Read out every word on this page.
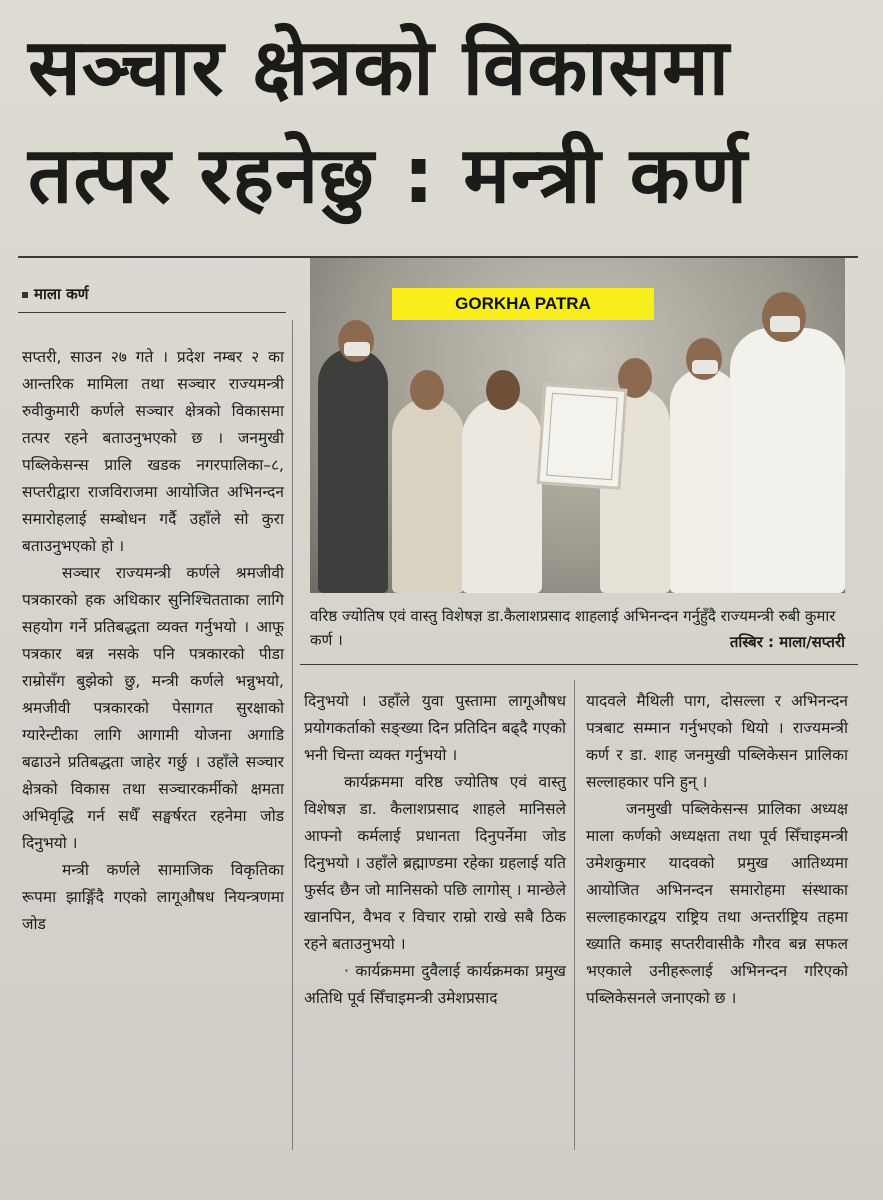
सञ्चार क्षेत्रको विकासमा
तत्पर रहनेछु : मन्त्री कर्ण
माला कर्ण

सप्तरी, साउन २७ गते । प्रदेश नम्बर २ का आन्तरिक मामिला तथा सञ्चार राज्यमन्त्री रुवीकुमारी कर्णले सञ्चार क्षेत्रको विकासमा तत्पर रहने बताउनुभएको छ । जनमुखी पब्लिकेसन्स प्रालि खडक नगरपालिका–८, सप्तरीद्वारा राजविराजमा आयोजित अभिनन्दन समारोहलाई सम्बोधन गर्दै उहाँले सो कुरा बताउनुभएको हो ।

सञ्चार राज्यमन्त्री कर्णले श्रमजीवी पत्रकारको हक अधिकार सुनिश्चितताका लागि सहयोग गर्ने प्रतिबद्धता व्यक्त गर्नुभयो । आफू पत्रकार बन्न नसके पनि पत्रकारको पीडा राम्रोसँग बुझेको छु, मन्त्री कर्णले भन्नुभयो, श्रमजीवी पत्रकारको पेसागत सुरक्षाको ग्यारेन्टीका लागि आगामी योजना अगाडि बढाउने प्रतिबद्धता जाहेर गर्छु । उहाँले सञ्चार क्षेत्रको विकास तथा सञ्चारकर्मीको क्षमता अभिवृद्धि गर्न सधैँ सङ्घर्षरत रहनेमा जोड दिनुभयो ।

मन्त्री कर्णले सामाजिक विकृतिका रूपमा झाङ्गिँदै गएको लागूऔषध नियन्त्रणमा जोड

GORKHA PATRA
वरिष्ठ ज्योतिष एवं वास्तु विशेषज्ञ डा.कैलाशप्रसाद शाहलाई अभिनन्दन गर्नुहुँदै राज्यमन्त्री रुबी कुमार कर्ण ।	तस्बिर : माला/सप्तरी

दिनुभयो । उहाँले युवा पुस्तामा लागूऔषध प्रयोगकर्ताको सङ्ख्या दिन प्रतिदिन बढ्दै गएको भनी चिन्ता व्यक्त गर्नुभयो ।

कार्यक्रममा वरिष्ठ ज्योतिष एवं वास्तु विशेषज्ञ डा. कैलाशप्रसाद शाहले मानिसले आफ्नो कर्मलाई प्रधानता दिनुपर्नेमा जोड दिनुभयो । उहाँले ब्रह्माण्डमा रहेका ग्रहलाई यति फुर्सद छैन जो मानिसको पछि लागोस् । मान्छेले खानपिन, वैभव र विचार राम्रो राखे सबै ठिक रहने बताउनुभयो ।

· कार्यक्रममा दुवैलाई कार्यक्रमका प्रमुख अतिथि पूर्व सिँचाइमन्त्री उमेशप्रसाद

यादवले मैथिली पाग, दोसल्ला र अभिनन्दन पत्रबाट सम्मान गर्नुभएको थियो । राज्यमन्त्री कर्ण र डा. शाह जनमुखी पब्लिकेसन प्रालिका सल्लाहकार पनि हुन् ।

जनमुखी पब्लिकेसन्स प्रालिका अध्यक्ष माला कर्णको अध्यक्षता तथा पूर्व सिँचाइमन्त्री उमेशकुमार यादवको प्रमुख आतिथ्यमा आयोजित अभिनन्दन समारोहमा संस्थाका सल्लाहकारद्वय राष्ट्रिय तथा अन्तर्राष्ट्रिय तहमा ख्याति कमाइ सप्तरीवासीकै गौरव बन्न सफल भएकाले उनीहरूलाई अभिनन्दन गरिएको पब्लिकेसनले जनाएको छ ।
